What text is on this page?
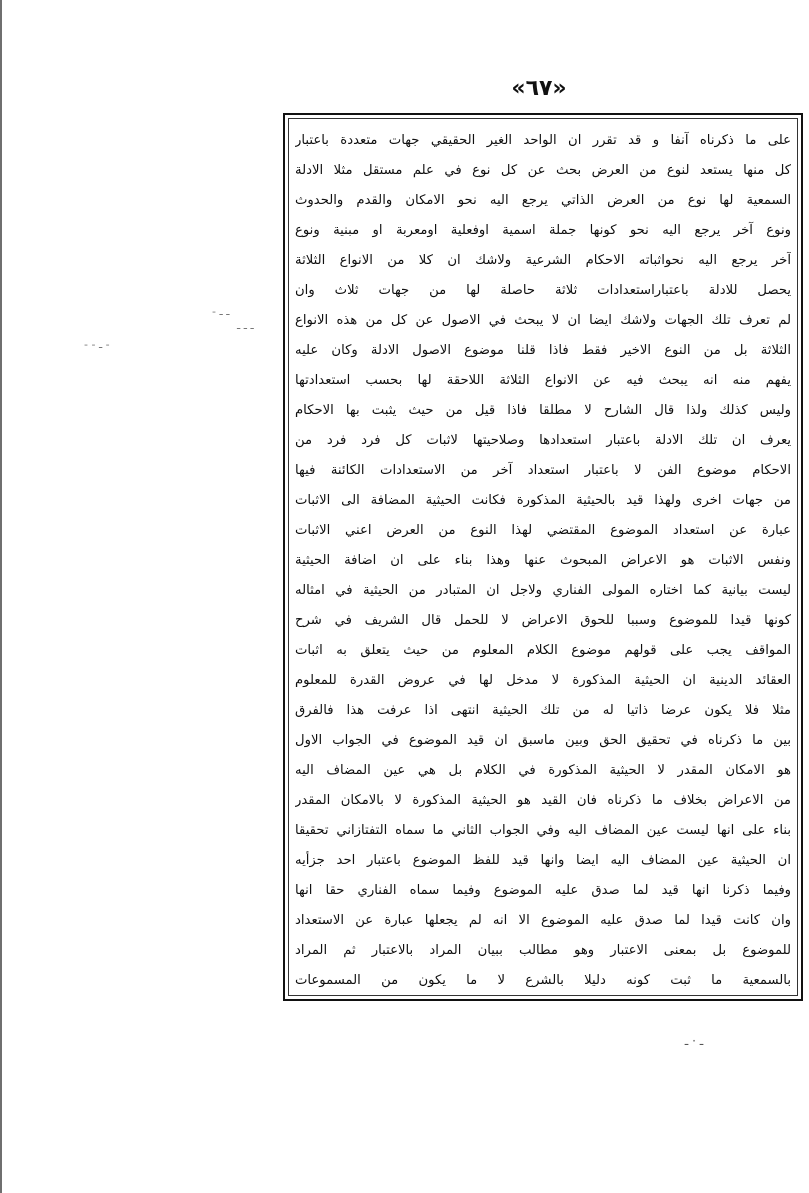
- ـ ـ
ـ ـ ـ
- - ـ -
«٦٧»
على ما ذكرناه آنفا و قد تقرر ان الواحد الغير الحقيقي جهات متعددة باعتبار
كل منها يستعد لنوع من العرض بحث عن كل نوع في علم مستقل مثلا الادلة
السمعية لها نوع من العرض الذاتي يرجع اليه نحو الامكان والقدم والحدوث
ونوع آخر يرجع اليه نحو كونها جملة اسمية اوفعلية اومعربة او مبنية ونوع
آخر يرجع اليه نحواثباته الاحكام الشرعية ولاشك ان كلا من الانواع الثلاثة
يحصل للادلة باعتباراستعدادات ثلاثة حاصلة لها من جهات ثلاث وان
لم تعرف تلك الجهات ولاشك ايضا ان لا يبحث في الاصول عن كل من هذه الانواع
الثلاثة بل من النوع الاخير فقط فاذا قلنا موضوع الاصول الادلة وكان عليه
يفهم منه انه يبحث فيه عن الانواع الثلاثة اللاحقة لها بحسب استعدادتها
وليس كذلك ولذا قال الشارح لا مطلقا فاذا قيل من حيث يثبت بها الاحكام
يعرف ان تلك الادلة باعتبار استعدادها وصلاحيتها لاثبات كل فرد فرد من
الاحكام موضوع الفن لا باعتبار استعداد آخر من الاستعدادات الكائنة فيها
من جهات اخرى ولهذا قيد بالحيثية المذكورة فكانت الحيثية المضافة الى الاثبات
عبارة عن استعداد الموضوع المقتضي لهذا النوع من العرض اعني الاثبات
ونفس الاثبات هو الاعراض المبحوث عنها وهذا بناء على ان اضافة الحيثية
ليست بيانية كما اختاره المولى الفناري ولاجل ان المتبادر من الحيثية في امثاله
كونها قيدا للموضوع وسببا للحوق الاعراض لا للحمل قال الشريف في شرح
المواقف يجب على قولهم موضوع الكلام المعلوم من حيث يتعلق به اثبات
العقائد الدينية ان الحيثية المذكورة لا مدخل لها في عروض القدرة للمعلوم
مثلا فلا يكون عرضا ذاتيا له من تلك الحيثية انتهى اذا عرفت هذا فالفرق
بين ما ذكرناه في تحقيق الحق وبين ماسبق ان قيد الموضوع في الجواب الاول
هو الامكان المقدر لا الحيثية المذكورة في الكلام بل هي عين المضاف اليه
من الاعراض بخلاف ما ذكرناه فان القيد هو الحيثية المذكورة لا بالامكان المقدر
بناء على انها ليست عين المضاف اليه وفي الجواب الثاني ما سماه التفتازاني تحقيقا
ان الحيثية عين المضاف اليه ايضا وانها قيد للفظ الموضوع باعتبار احد جزأيه
وفيما ذكرنا انها قيد لما صدق عليه الموضوع وفيما سماه الفناري حقا انها
وان كانت قيدا لما صدق عليه الموضوع الا انه لم يجعلها عبارة عن الاستعداد
للموضوع بل بمعنى الاعتبار وهو مطالب ببيان المراد بالاعتبار ثم المراد
بالسمعية ما ثبت كونه دليلا بالشرع لا ما يكون من المسموعات
ـ · ـ
